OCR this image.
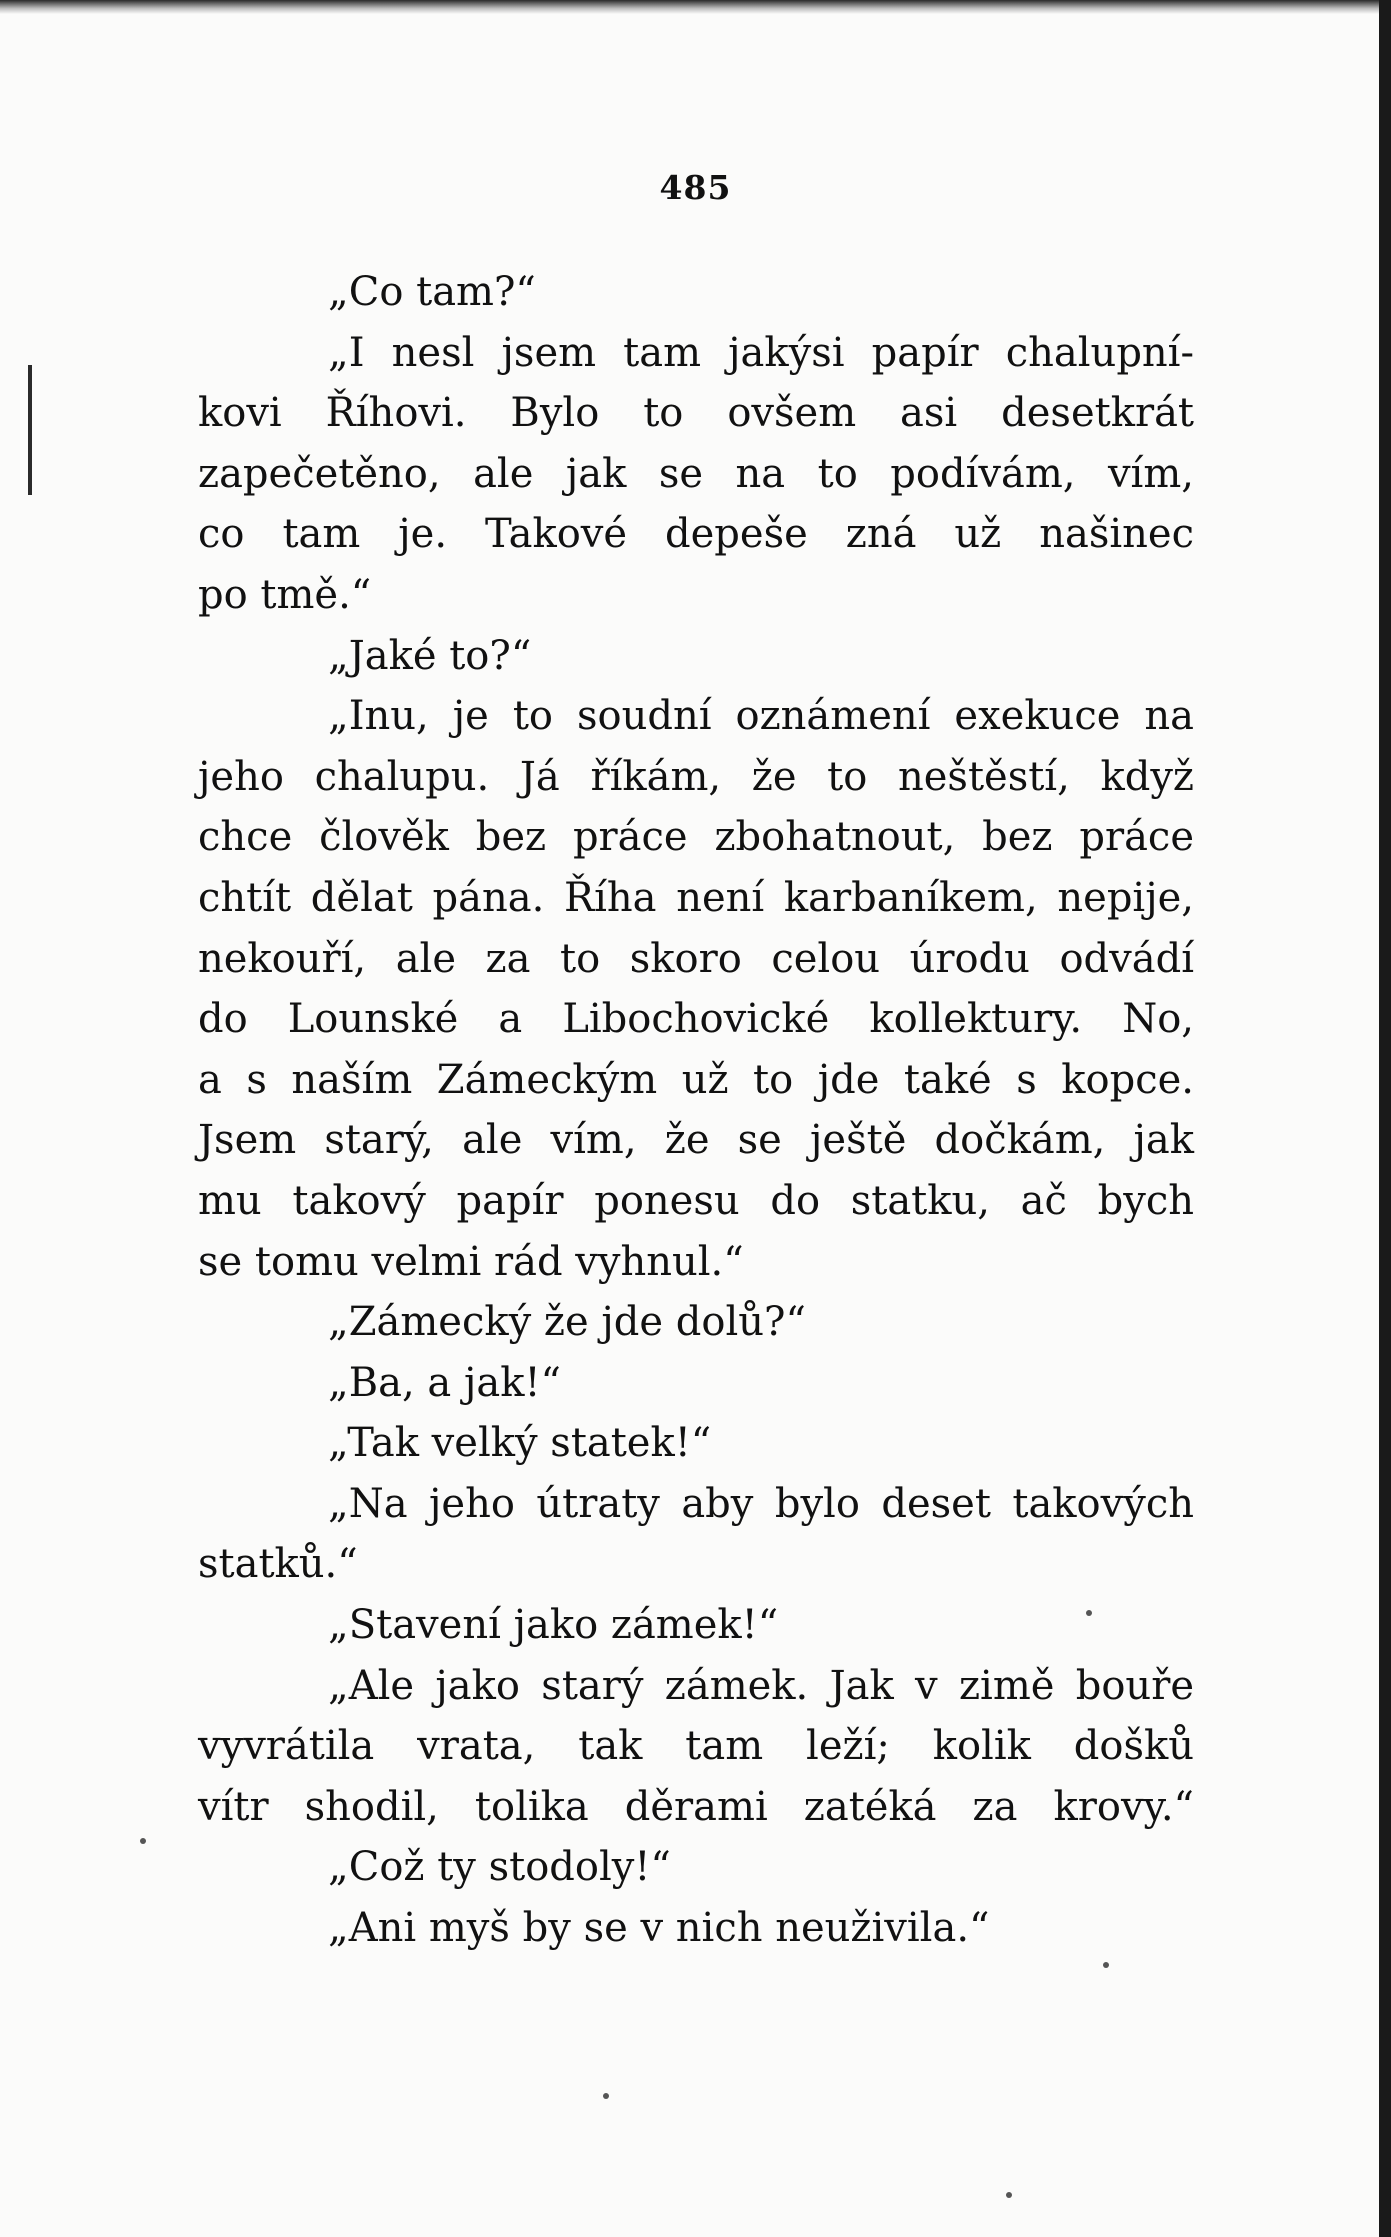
485
„Co tam?“
„I nesl jsem tam jakýsi papír chalupní-
kovi Říhovi. Bylo to ovšem asi desetkrát
zapečetěno, ale jak se na to podívám, vím,
co tam je. Takové depeše zná už našinec
po tmě.“
„Jaké to?“
„Inu, je to soudní oznámení exekuce na
jeho chalupu. Já říkám, že to neštěstí, když
chce člověk bez práce zbohatnout, bez práce
chtít dělat pána. Říha není karbaníkem, nepije,
nekouří, ale za to skoro celou úrodu odvádí
do Lounské a Libochovické kollektury. No,
a s naším Zámeckým už to jde také s kopce.
Jsem starý, ale vím, že se ještě dočkám, jak
mu takový papír ponesu do statku, ač bych
se tomu velmi rád vyhnul.“
„Zámecký že jde dolů?“
„Ba, a jak!“
„Tak velký statek!“
„Na jeho útraty aby bylo deset takových
statků.“
„Stavení jako zámek!“
„Ale jako starý zámek. Jak v zimě bouře
vyvrátila vrata, tak tam leží; kolik došků
vítr shodil, tolika děrami zatéká za krovy.“
„Což ty stodoly!“
„Ani myš by se v nich neuživila.“
